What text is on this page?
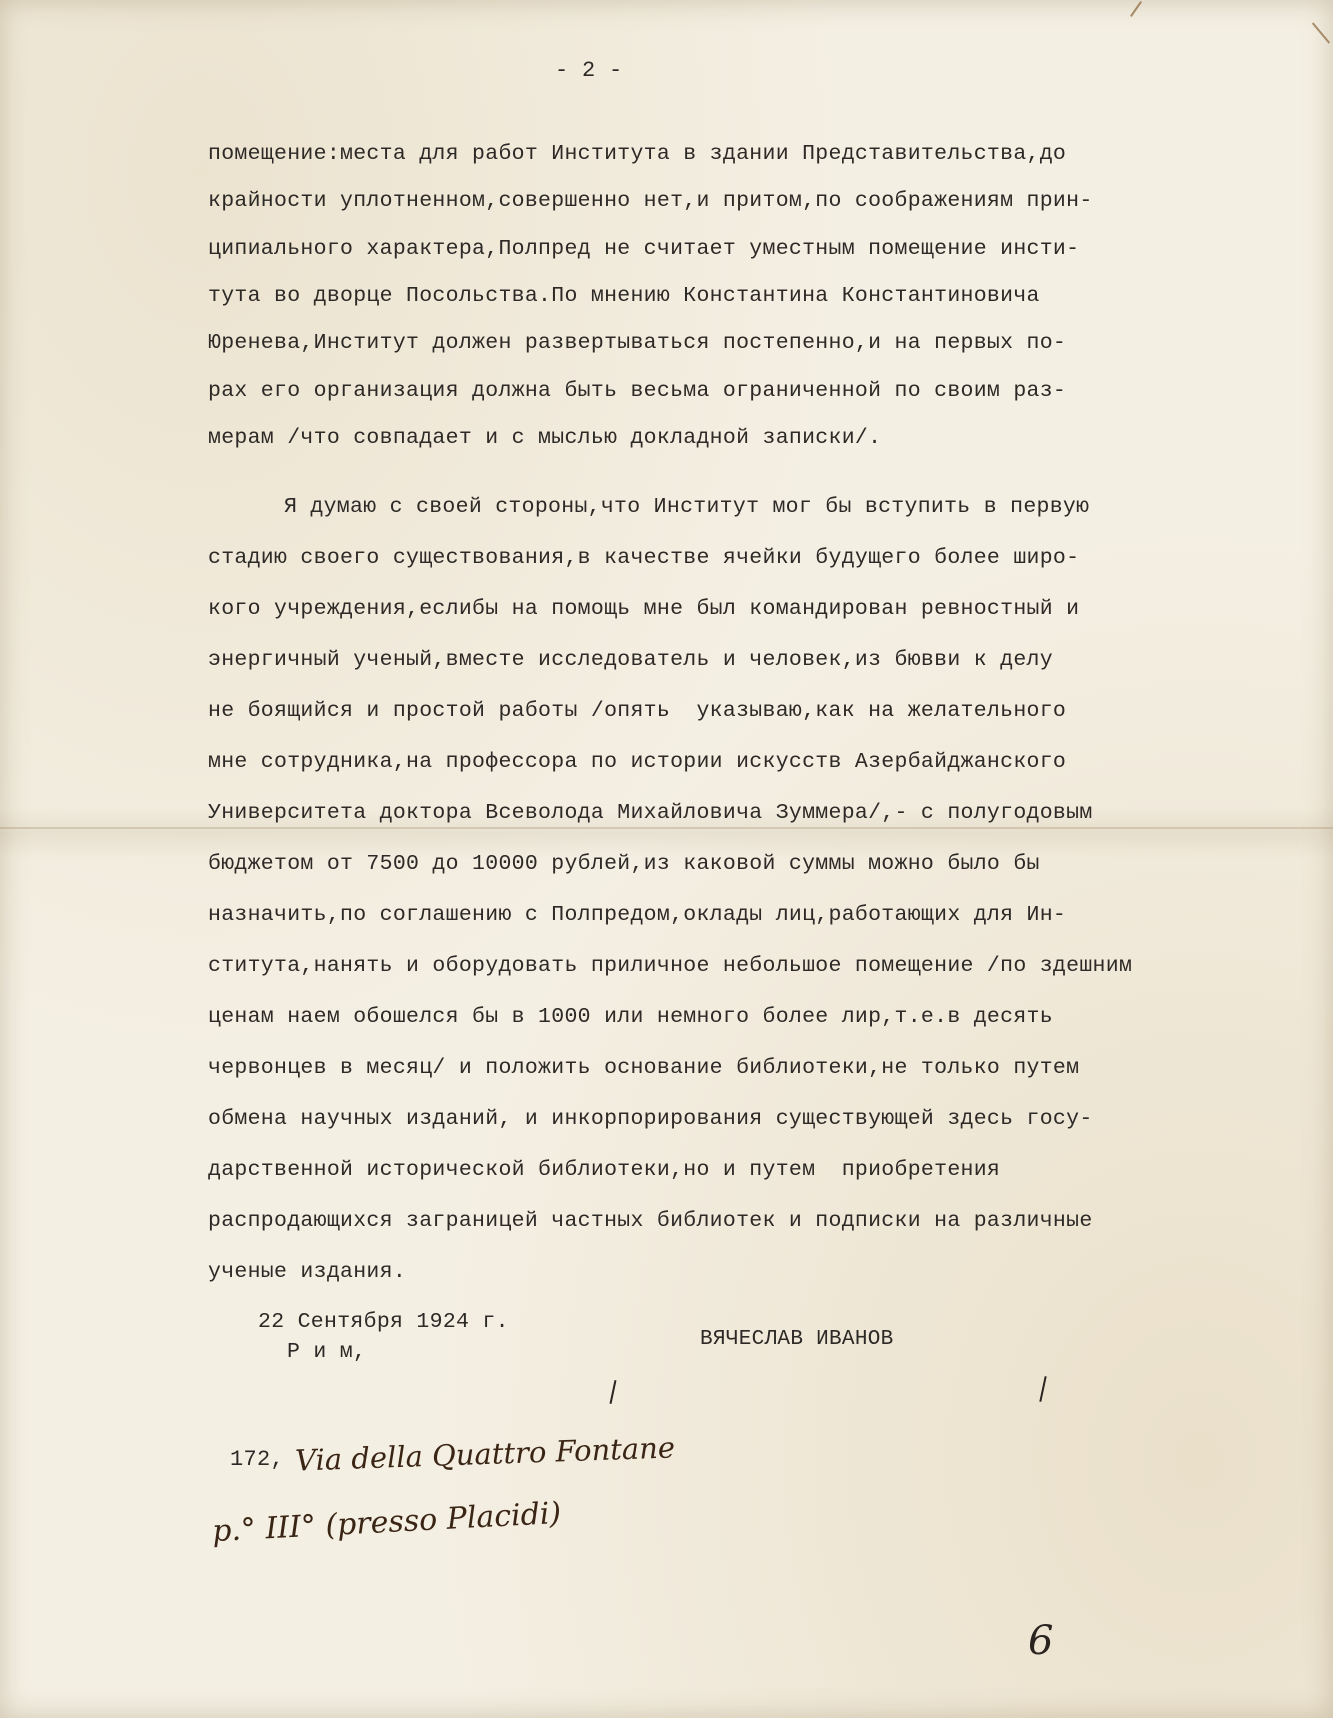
- 2 -
помещение:места для работ Института в здании Представительства,до
крайности уплотненном,совершенно нет,и притом,по соображениям прин-
ципиального характера,Полпред не считает уместным помещение инсти-
тута во дворце Посольства.По мнению Константина Константиновича
Юренева,Институт должен развертываться постепенно,и на первых по-
рах его организация должна быть весьма ограниченной по своим раз-
мерам /что совпадает и с мыслью докладной записки/.
Я думаю с своей стороны,что Институт мог бы вступить в первую
стадию своего существования,в качестве ячейки будущего более широ-
кого учреждения,еслибы на помощь мне был командирован ревностный и
энергичный ученый,вместе исследователь и человек,из бювви к делу
не боящийся и простой работы /опять  указываю,как на желательного
мне сотрудника,на профессора по истории искусств Азербайджанского
Университета доктора Всеволода Михайловича Зуммера/,- с полугодовым
бюджетом от 7500 до 10000 рублей,из каковой суммы можно было бы
назначить,по соглашению с Полпредом,оклады лиц,работающих для Ин-
ститута,нанять и оборудовать приличное небольшое помещение /по здешним
ценам наем обошелся бы в 1000 или немного более лир,т.е.в десять
червонцев в месяц/ и положить основание библиотеки,не только путем
обмена научных изданий, и инкорпорирования существующей здесь госу-
дарственной исторической библиотеки,но и путем  приобретения
распродающихся заграницей частных библиотек и подписки на различные
ученые издания.
22 Сентября 1924 г.
Р и м,
ВЯЧЕСЛАВ ИВАНОВ
172, Via della Quattro Fontane
p.° III° (presso Placidi)
6
